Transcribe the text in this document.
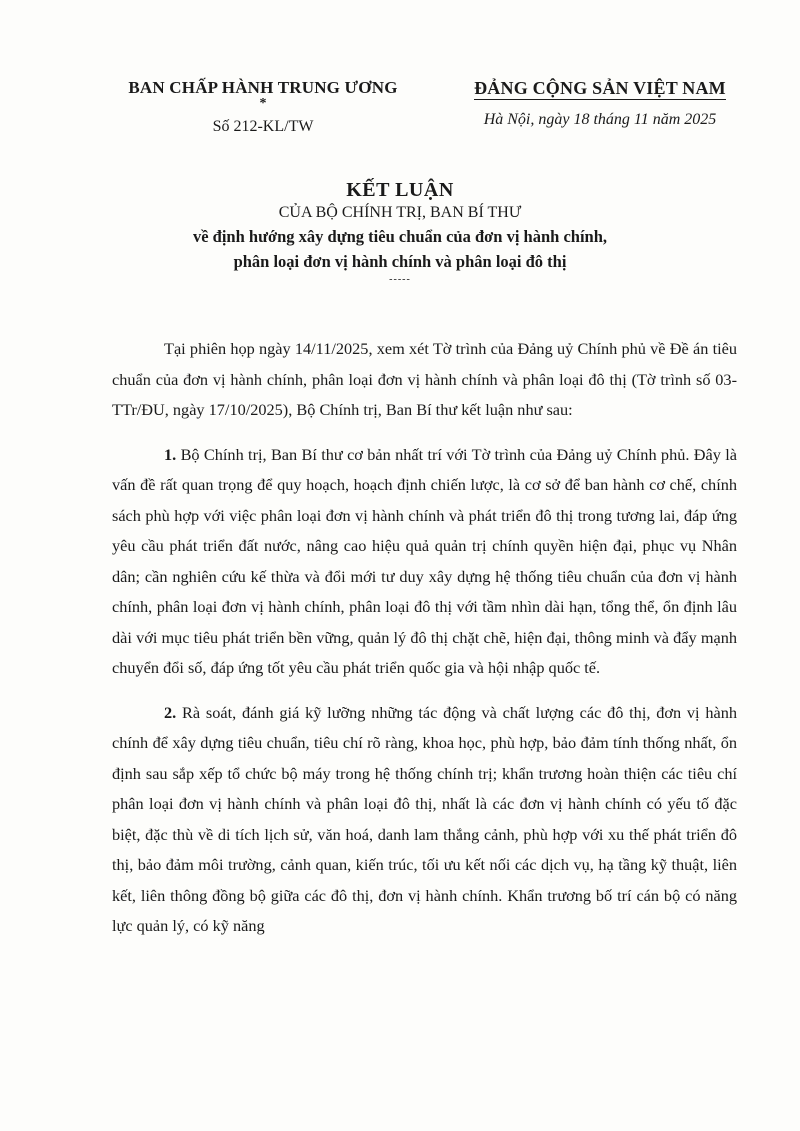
BAN CHẤP HÀNH TRUNG ƯƠNG
*
Số 212-KL/TW
ĐẢNG CỘNG SẢN VIỆT NAM
Hà Nội, ngày 18 tháng 11 năm 2025
KẾT LUẬN
CỦA BỘ CHÍNH TRỊ, BAN BÍ THƯ
về định hướng xây dựng tiêu chuẩn của đơn vị hành chính,
phân loại đơn vị hành chính và phân loại đô thị
-----

Tại phiên họp ngày 14/11/2025, xem xét Tờ trình của Đảng uỷ Chính phủ về Đề án tiêu chuẩn của đơn vị hành chính, phân loại đơn vị hành chính và phân loại đô thị (Tờ trình số 03-TTr/ĐU, ngày 17/10/2025), Bộ Chính trị, Ban Bí thư kết luận như sau:

1. Bộ Chính trị, Ban Bí thư cơ bản nhất trí với Tờ trình của Đảng uỷ Chính phủ. Đây là vấn đề rất quan trọng để quy hoạch, hoạch định chiến lược, là cơ sở để ban hành cơ chế, chính sách phù hợp với việc phân loại đơn vị hành chính và phát triển đô thị trong tương lai, đáp ứng yêu cầu phát triển đất nước, nâng cao hiệu quả quản trị chính quyền hiện đại, phục vụ Nhân dân; cần nghiên cứu kế thừa và đổi mới tư duy xây dựng hệ thống tiêu chuẩn của đơn vị hành chính, phân loại đơn vị hành chính, phân loại đô thị với tầm nhìn dài hạn, tổng thể, ổn định lâu dài với mục tiêu phát triển bền vững, quản lý đô thị chặt chẽ, hiện đại, thông minh và đẩy mạnh chuyển đổi số, đáp ứng tốt yêu cầu phát triển quốc gia và hội nhập quốc tế.

2. Rà soát, đánh giá kỹ lưỡng những tác động và chất lượng các đô thị, đơn vị hành chính để xây dựng tiêu chuẩn, tiêu chí rõ ràng, khoa học, phù hợp, bảo đảm tính thống nhất, ổn định sau sắp xếp tổ chức bộ máy trong hệ thống chính trị; khẩn trương hoàn thiện các tiêu chí phân loại đơn vị hành chính và phân loại đô thị, nhất là các đơn vị hành chính có yếu tố đặc biệt, đặc thù về di tích lịch sử, văn hoá, danh lam thắng cảnh, phù hợp với xu thế phát triển đô thị, bảo đảm môi trường, cảnh quan, kiến trúc, tối ưu kết nối các dịch vụ, hạ tầng kỹ thuật, liên kết, liên thông đồng bộ giữa các đô thị, đơn vị hành chính. Khẩn trương bố trí cán bộ có năng lực quản lý, có kỹ năng
